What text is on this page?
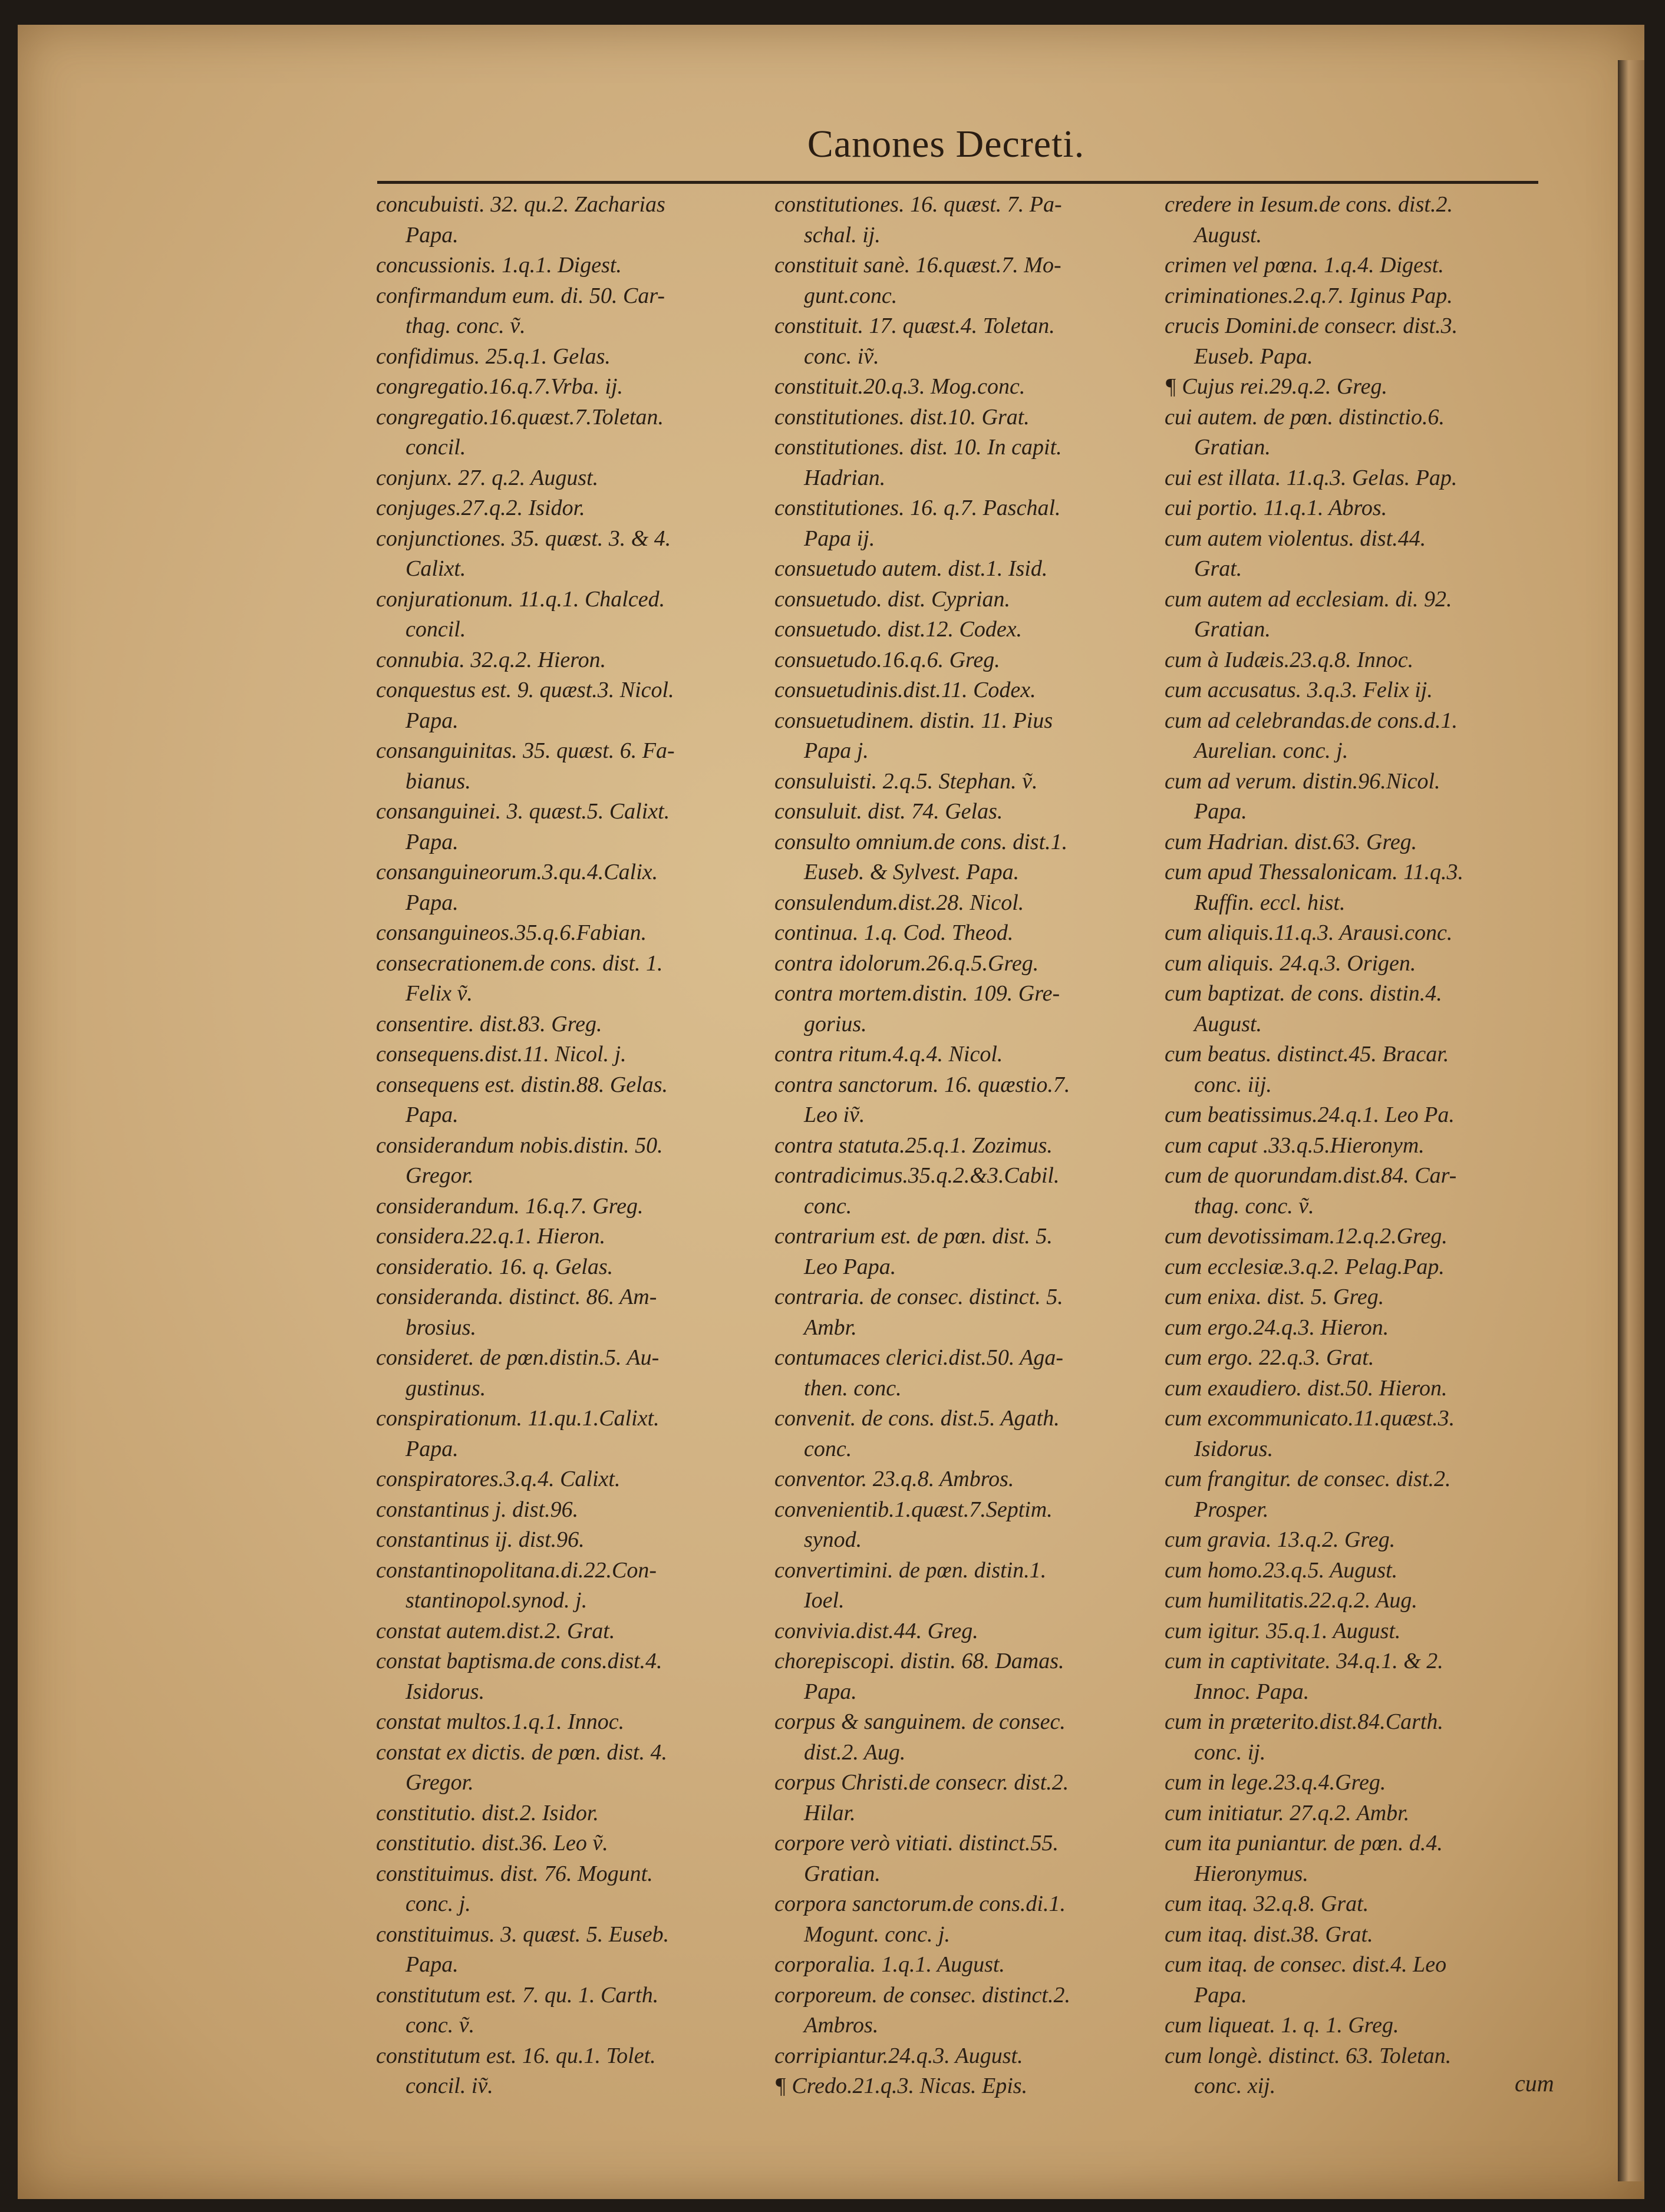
Canones Decreti.
concubuisti. 32. qu.2. Zacharias
Papa.
concussionis. 1.q.1. Digest.
confirmandum eum. di. 50. Car-
thag. conc. ṽ.
confidimus. 25.q.1. Gelas.
congregatio.16.q.7.Vrba. ij.
congregatio.16.quæst.7.Toletan.
concil.
conjunx. 27. q.2. August.
conjuges.27.q.2. Isidor.
conjunctiones. 35. quæst. 3. & 4.
Calixt.
conjurationum. 11.q.1. Chalced.
concil.
connubia. 32.q.2. Hieron.
conquestus est. 9. quæst.3. Nicol.
Papa.
consanguinitas. 35. quæst. 6. Fa-
bianus.
consanguinei. 3. quæst.5. Calixt.
Papa.
consanguineorum.3.qu.4.Calix.
Papa.
consanguineos.35.q.6.Fabian.
consecrationem.de cons. dist. 1.
Felix ṽ.
consentire. dist.83. Greg.
consequens.dist.11. Nicol. j.
consequens est. distin.88. Gelas.
Papa.
considerandum nobis.distin. 50.
Gregor.
considerandum. 16.q.7. Greg.
considera.22.q.1. Hieron.
consideratio. 16. q. Gelas.
consideranda. distinct. 86. Am-
brosius.
consideret. de pœn.distin.5. Au-
gustinus.
conspirationum. 11.qu.1.Calixt.
Papa.
conspiratores.3.q.4. Calixt.
constantinus j. dist.96.
constantinus ij. dist.96.
constantinopolitana.di.22.Con-
stantinopol.synod. j.
constat autem.dist.2. Grat.
constat baptisma.de cons.dist.4.
Isidorus.
constat multos.1.q.1. Innoc.
constat ex dictis. de pœn. dist. 4.
Gregor.
constitutio. dist.2. Isidor.
constitutio. dist.36. Leo ṽ.
constituimus. dist. 76. Mogunt.
conc. j.
constituimus. 3. quæst. 5. Euseb.
Papa.
constitutum est. 7. qu. 1. Carth.
conc. ṽ.
constitutum est. 16. qu.1. Tolet.
concil. iṽ.
constitutiones. 16. quæst. 7. Pa-
schal. ij.
constituit sanè. 16.quæst.7. Mo-
gunt.conc.
constituit. 17. quæst.4. Toletan.
conc. iṽ.
constituit.20.q.3. Mog.conc.
constitutiones. dist.10. Grat.
constitutiones. dist. 10. In capit.
Hadrian.
constitutiones. 16. q.7. Paschal.
Papa ij.
consuetudo autem. dist.1. Isid.
consuetudo. dist. Cyprian.
consuetudo. dist.12. Codex.
consuetudo.16.q.6. Greg.
consuetudinis.dist.11. Codex.
consuetudinem. distin. 11. Pius
Papa j.
consuluisti. 2.q.5. Stephan. ṽ.
consuluit. dist. 74. Gelas.
consulto omnium.de cons. dist.1.
Euseb. & Sylvest. Papa.
consulendum.dist.28. Nicol.
continua. 1.q. Cod. Theod.
contra idolorum.26.q.5.Greg.
contra mortem.distin. 109. Gre-
gorius.
contra ritum.4.q.4. Nicol.
contra sanctorum. 16. quæstio.7.
Leo iṽ.
contra statuta.25.q.1. Zozimus.
contradicimus.35.q.2.&3.Cabil.
conc.
contrarium est. de pœn. dist. 5.
Leo Papa.
contraria. de consec. distinct. 5.
Ambr.
contumaces clerici.dist.50. Aga-
then. conc.
convenit. de cons. dist.5. Agath.
conc.
conventor. 23.q.8. Ambros.
convenientib.1.quæst.7.Septim.
synod.
convertimini. de pœn. distin.1.
Ioel.
convivia.dist.44. Greg.
chorepiscopi. distin. 68. Damas.
Papa.
corpus & sanguinem. de consec.
dist.2. Aug.
corpus Christi.de consecr. dist.2.
Hilar.
corpore verò vitiati. distinct.55.
Gratian.
corpora sanctorum.de cons.di.1.
Mogunt. conc. j.
corporalia. 1.q.1. August.
corporeum. de consec. distinct.2.
Ambros.
corripiantur.24.q.3. August.
¶ Credo.21.q.3. Nicas. Epis.
credere in Iesum.de cons. dist.2.
August.
crimen vel pœna. 1.q.4. Digest.
criminationes.2.q.7. Iginus Pap.
crucis Domini.de consecr. dist.3.
Euseb. Papa.
¶ Cujus rei.29.q.2. Greg.
cui autem. de pœn. distinctio.6.
Gratian.
cui est illata. 11.q.3. Gelas. Pap.
cui portio. 11.q.1. Abros.
cum autem violentus. dist.44.
Grat.
cum autem ad ecclesiam. di. 92.
Gratian.
cum à Iudæis.23.q.8. Innoc.
cum accusatus. 3.q.3. Felix ij.
cum ad celebrandas.de cons.d.1.
Aurelian. conc. j.
cum ad verum. distin.96.Nicol.
Papa.
cum Hadrian. dist.63. Greg.
cum apud Thessalonicam. 11.q.3.
Ruffin. eccl. hist.
cum aliquis.11.q.3. Arausi.conc.
cum aliquis. 24.q.3. Origen.
cum baptizat. de cons. distin.4.
August.
cum beatus. distinct.45. Bracar.
conc. iij.
cum beatissimus.24.q.1. Leo Pa.
cum caput .33.q.5.Hieronym.
cum de quorundam.dist.84. Car-
thag. conc. ṽ.
cum devotissimam.12.q.2.Greg.
cum ecclesiæ.3.q.2. Pelag.Pap.
cum enixa. dist. 5. Greg.
cum ergo.24.q.3. Hieron.
cum ergo. 22.q.3. Grat.
cum exaudiero. dist.50. Hieron.
cum excommunicato.11.quæst.3.
Isidorus.
cum frangitur. de consec. dist.2.
Prosper.
cum gravia. 13.q.2. Greg.
cum homo.23.q.5. August.
cum humilitatis.22.q.2. Aug.
cum igitur. 35.q.1. August.
cum in captivitate. 34.q.1. & 2.
Innoc. Papa.
cum in præterito.dist.84.Carth.
conc. ij.
cum in lege.23.q.4.Greg.
cum initiatur. 27.q.2. Ambr.
cum ita puniantur. de pœn. d.4.
Hieronymus.
cum itaq. 32.q.8. Grat.
cum itaq. dist.38. Grat.
cum itaq. de consec. dist.4. Leo
Papa.
cum liqueat. 1. q. 1. Greg.
cum longè. distinct. 63. Toletan.
conc. xij.	cum
